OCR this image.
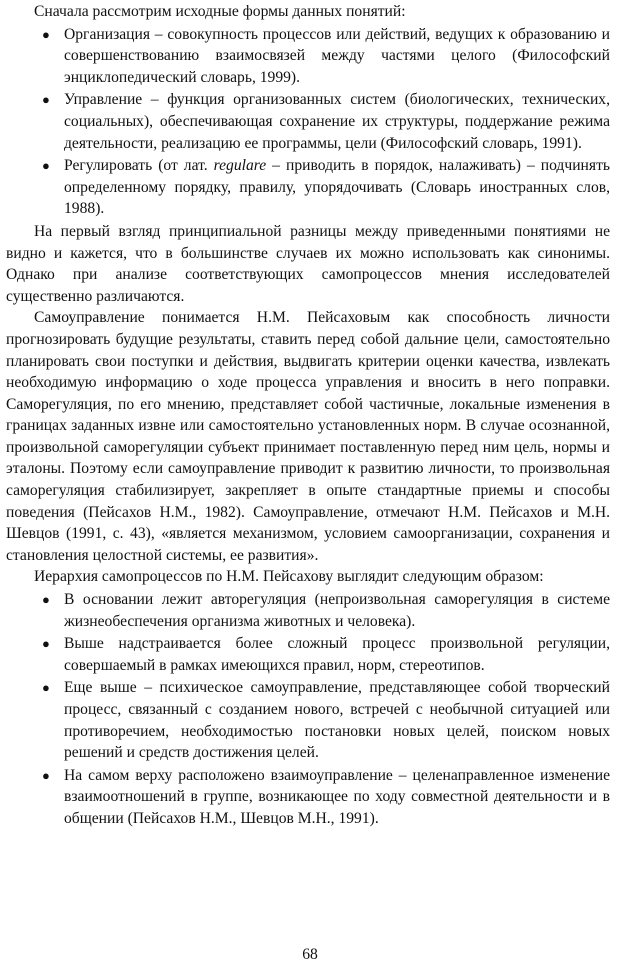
Сначала рассмотрим исходные формы данных понятий:

● Организация – совокупность процессов или действий, ведущих к образованию и совершенствованию взаимосвязей между частями целого (Философский энциклопедический словарь, 1999).
● Управление – функция организованных систем (биологических, технических, социальных), обеспечивающая сохранение их структуры, поддержание режима деятельности, реализацию ее программы, цели (Философский словарь, 1991).
● Регулировать (от лат. regulare – приводить в порядок, налаживать) – подчинять определенному порядку, правилу, упорядочивать (Словарь иностранных слов, 1988).

На первый взгляд принципиальной разницы между приведенными понятиями не видно и кажется, что в большинстве случаев их можно использовать как синонимы. Однако при анализе соответствующих самопроцессов мнения исследователей существенно различаются.

Самоуправление понимается Н.М. Пейсаховым как способность личности прогнозировать будущие результаты, ставить перед собой дальние цели, самостоятельно планировать свои поступки и действия, выдвигать критерии оценки качества, извлекать необходимую информацию о ходе процесса управления и вносить в него поправки. Саморегуляция, по его мнению, представляет собой частичные, локальные изменения в границах заданных извне или самостоятельно установленных норм. В случае осознанной, произвольной саморегуляции субъект принимает поставленную перед ним цель, нормы и эталоны. Поэтому если самоуправление приводит к развитию личности, то произвольная саморегуляция стабилизирует, закрепляет в опыте стандартные приемы и способы поведения (Пейсахов Н.М., 1982). Самоуправление, отмечают Н.М. Пейсахов и М.Н. Шевцов (1991, с. 43), «является механизмом, условием самоорганизации, сохранения и становления целостной системы, ее развития».

Иерархия самопроцессов по Н.М. Пейсахову выглядит следующим образом:

● В основании лежит авторегуляция (непроизвольная саморегуляция в системе жизнеобеспечения организма животных и человека).
● Выше надстраивается более сложный процесс произвольной регуляции, совершаемый в рамках имеющихся правил, норм, стереотипов.
● Еще выше – психическое самоуправление, представляющее собой творческий процесс, связанный с созданием нового, встречей с необычной ситуацией или противоречием, необходимостью постановки новых целей, поиском новых решений и средств достижения целей.
● На самом верху расположено взаимоуправление – целенаправленное изменение взаимоотношений в группе, возникающее по ходу совместной деятельности и в общении (Пейсахов Н.М., Шевцов М.Н., 1991).
68
